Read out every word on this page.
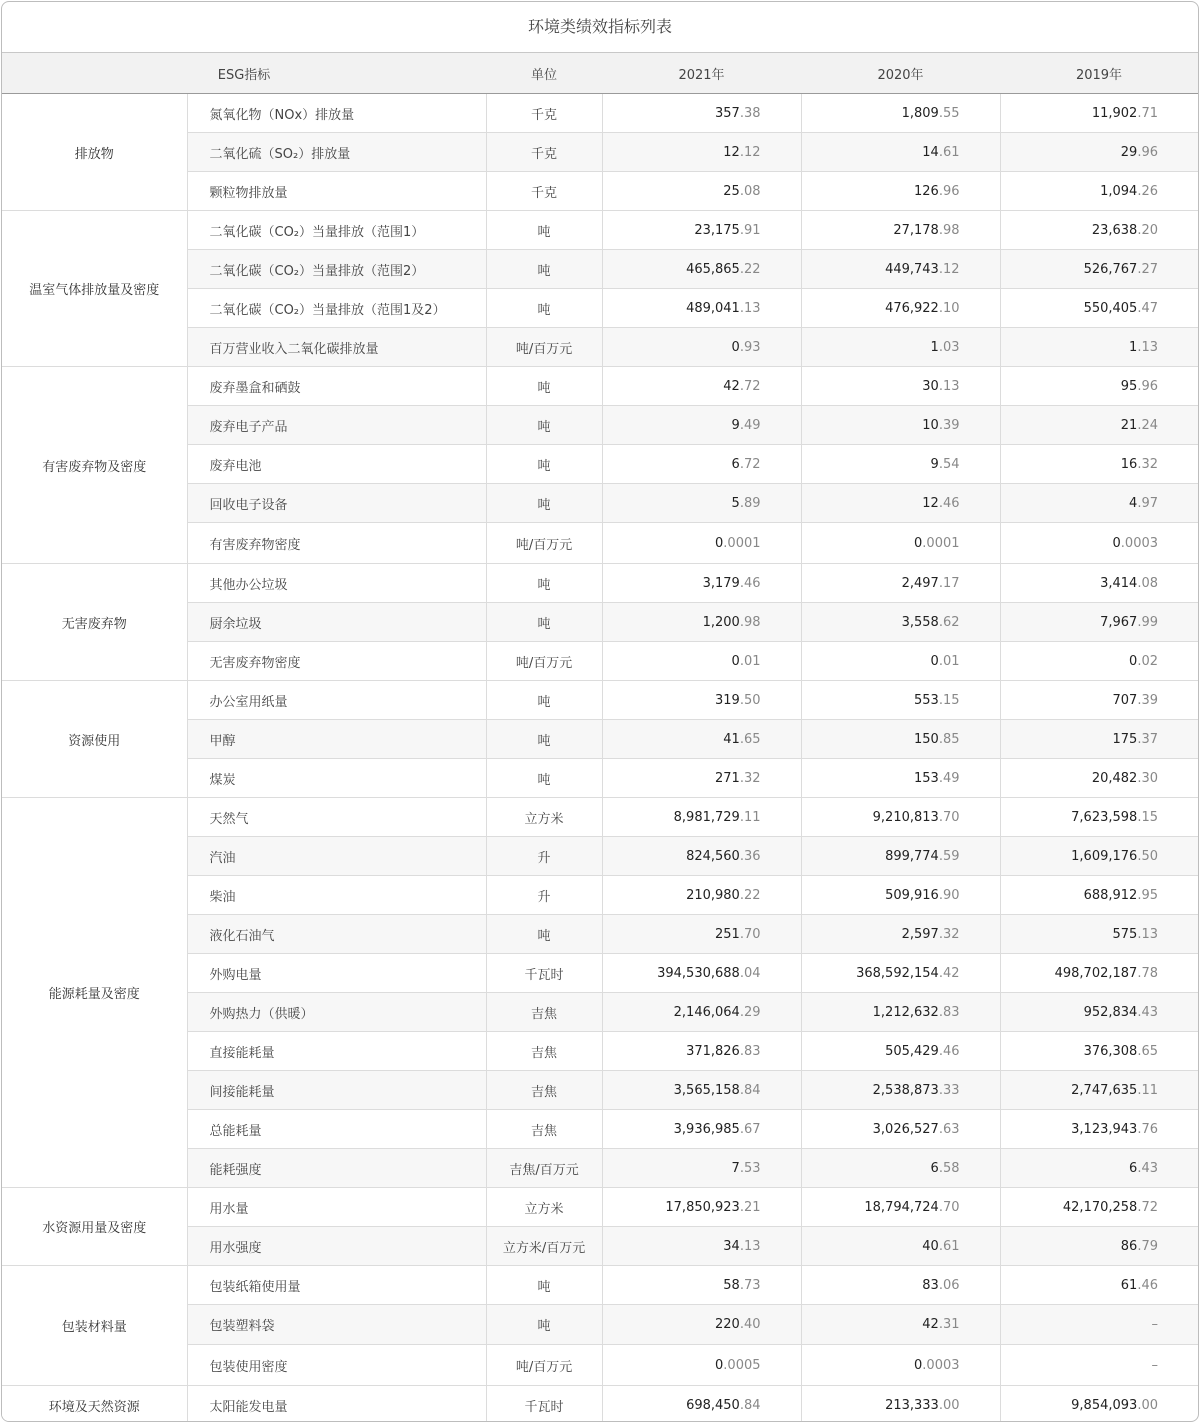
环境类绩效指标列表
ESG指标		单位	2021年	2020年	2019年
排放物	氮氧化物（NOx）排放量	千克	357.38	1,809.55	11,902.71
	二氧化硫（SO₂）排放量	千克	12.12	14.61	29.96
	颗粒物排放量	千克	25.08	126.96	1,094.26
温室气体排放量及密度	二氧化碳（CO₂）当量排放（范围1）	吨	23,175.91	27,178.98	23,638.20
	二氧化碳（CO₂）当量排放（范围2）	吨	465,865.22	449,743.12	526,767.27
	二氧化碳（CO₂）当量排放（范围1及2）	吨	489,041.13	476,922.10	550,405.47
	百万营业收入二氧化碳排放量	吨/百万元	0.93	1.03	1.13
有害废弃物及密度	废弃墨盒和硒鼓	吨	42.72	30.13	95.96
	废弃电子产品	吨	9.49	10.39	21.24
	废弃电池	吨	6.72	9.54	16.32
	回收电子设备	吨	5.89	12.46	4.97
	有害废弃物密度	吨/百万元	0.0001	0.0001	0.0003
无害废弃物	其他办公垃圾	吨	3,179.46	2,497.17	3,414.08
	厨余垃圾	吨	1,200.98	3,558.62	7,967.99
	无害废弃物密度	吨/百万元	0.01	0.01	0.02
资源使用	办公室用纸量	吨	319.50	553.15	707.39
	甲醇	吨	41.65	150.85	175.37
	煤炭	吨	271.32	153.49	20,482.30
能源耗量及密度	天然气	立方米	8,981,729.11	9,210,813.70	7,623,598.15
	汽油	升	824,560.36	899,774.59	1,609,176.50
	柴油	升	210,980.22	509,916.90	688,912.95
	液化石油气	吨	251.70	2,597.32	575.13
	外购电量	千瓦时	394,530,688.04	368,592,154.42	498,702,187.78
	外购热力（供暖）	吉焦	2,146,064.29	1,212,632.83	952,834.43
	直接能耗量	吉焦	371,826.83	505,429.46	376,308.65
	间接能耗量	吉焦	3,565,158.84	2,538,873.33	2,747,635.11
	总能耗量	吉焦	3,936,985.67	3,026,527.63	3,123,943.76
	能耗强度	吉焦/百万元	7.53	6.58	6.43
水资源用量及密度	用水量	立方米	17,850,923.21	18,794,724.70	42,170,258.72
	用水强度	立方米/百万元	34.13	40.61	86.79
包装材料量	包装纸箱使用量	吨	58.73	83.06	61.46
	包装塑料袋	吨	220.40	42.31	–
	包装使用密度	吨/百万元	0.0005	0.0003	–
环境及天然资源	太阳能发电量	千瓦时	698,450.84	213,333.00	9,854,093.00
